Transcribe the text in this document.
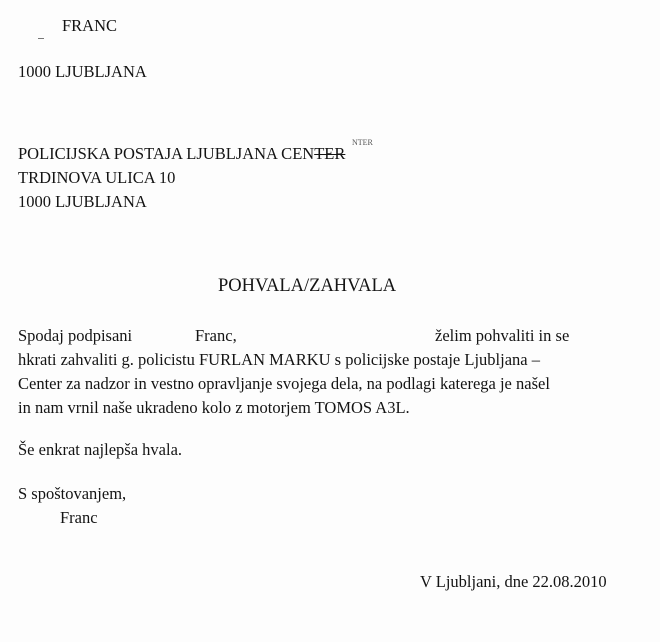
FRANC
1000 LJUBLJANA
POLICIJSKA POSTAJA LJUBLJANA CENTER
NTER
TRDINOVA ULICA 10
1000 LJUBLJANA
POHVALA/ZAHVALA
Spodaj podpisani	Franc,	želim pohvaliti in se
hkrati zahvaliti g. policistu FURLAN MARKU s policijske postaje Ljubljana –
Center za nadzor in vestno opravljanje svojega dela, na podlagi katerega je našel
in nam vrnil naše ukradeno kolo z motorjem TOMOS A3L.
Še enkrat najlepša hvala.
S spoštovanjem,
Franc
V Ljubljani, dne 22.08.2010
